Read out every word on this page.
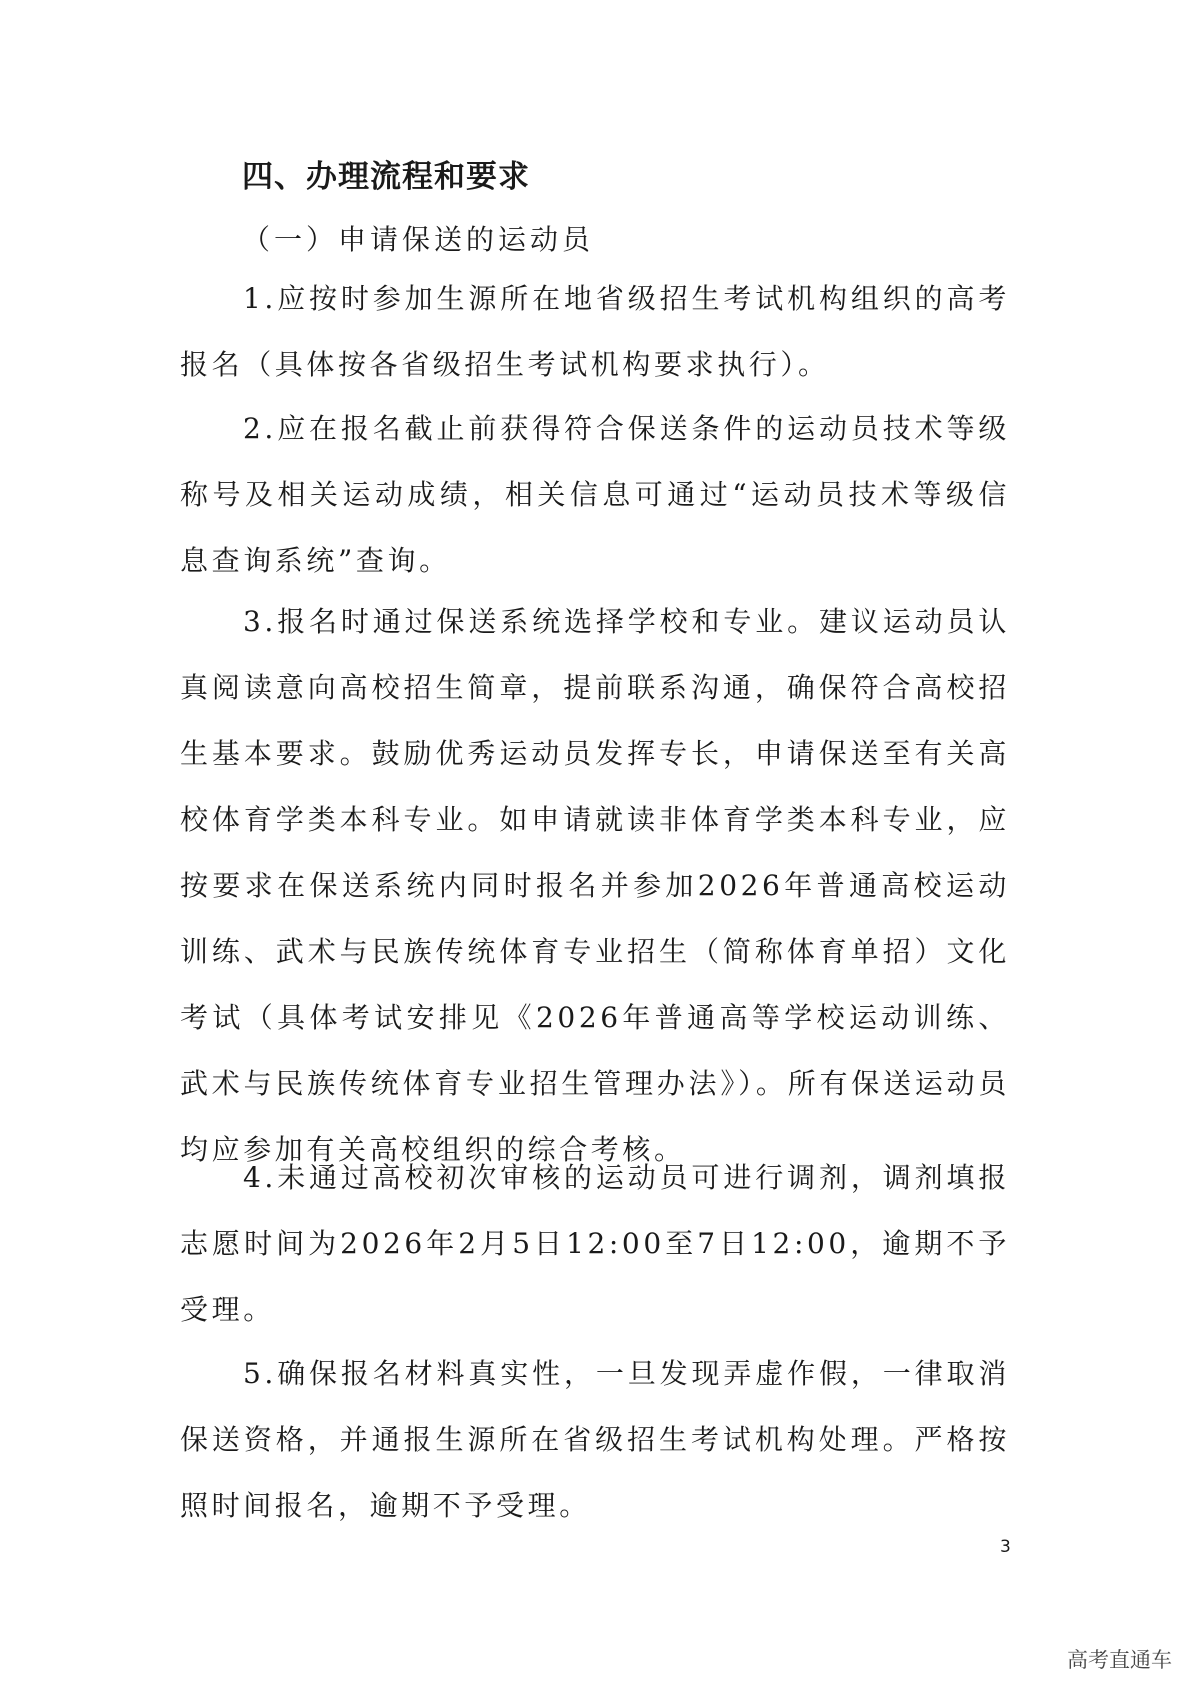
四、办理流程和要求

（一）申请保送的运动员

1.应按时参加生源所在地省级招生考试机构组织的高考报名（具体按各省级招生考试机构要求执行）。

2.应在报名截止前获得符合保送条件的运动员技术等级称号及相关运动成绩，相关信息可通过“运动员技术等级信息查询系统”查询。

3.报名时通过保送系统选择学校和专业。建议运动员认真阅读意向高校招生简章，提前联系沟通，确保符合高校招生基本要求。鼓励优秀运动员发挥专长，申请保送至有关高校体育学类本科专业。如申请就读非体育学类本科专业，应按要求在保送系统内同时报名并参加2026年普通高校运动训练、武术与民族传统体育专业招生（简称体育单招）文化考试（具体考试安排见《2026年普通高等学校运动训练、武术与民族传统体育专业招生管理办法》）。所有保送运动员均应参加有关高校组织的综合考核。

4.未通过高校初次审核的运动员可进行调剂，调剂填报志愿时间为2026年2月5日12:00至7日12:00，逾期不予受理。

5.确保报名材料真实性，一旦发现弄虚作假，一律取消保送资格，并通报生源所在省级招生考试机构处理。严格按照时间报名，逾期不予受理。

3

高考直通车
